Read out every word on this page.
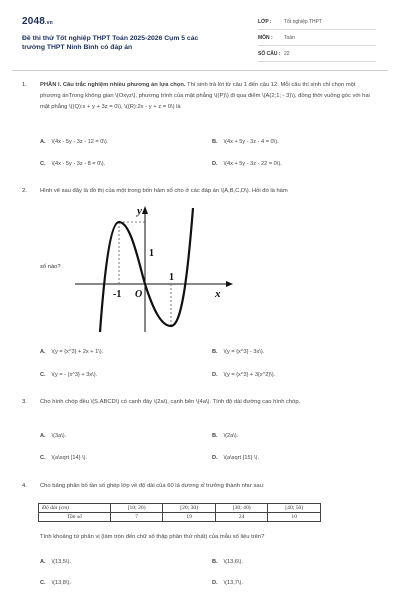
2048.vn
Đề thi thử Tốt nghiệp THPT Toán 2025-2026 Cụm 5 các trường THPT Ninh Bình có đáp án
LỚP :	Tốt nghiệp THPT
MÔN :	Toán
SỐ CÂU : 22
1. PHẦN I. Câu trắc nghiệm nhiều phương án lựa chọn. Thí sinh trả lời từ câu 1 đến câu 12. Mỗi câu thí sinh chỉ chọn một phương ánTrong không gian \(Oxyz\), phương trình của mặt phẳng \((P)\) đi qua điểm \(A(2;1; - 3)\), đồng thời vuông góc với hai mặt phẳng \((Q):x + y + 3z = 0\), \((R):2x - y + z = 0\) là
A. \(4x - 5y - 3z - 12 = 0\).	B. \(4x + 5y - 3z - 4 = 0\).
C. \(4x - 5y - 3z - 8 = 0\).	D. \(4x + 5y - 3z - 22 = 0\).
2. Hình vẽ sau đây là đồ thị của một trong bốn hàm số cho ở các đáp án \(A,B,C,D\). Hỏi đó là hàm
số nào?
y
x
1
1
-1 O
A. \(y = {x^3} + 2x + 1\).	B. \(y = {x^3} - 3x\).
C. \(y = - {x^3} + 3x\).	D. \(y = {x^3} + 3{x^2}\).
3. Cho hình chóp đều \(S.ABCD\) có cạnh đáy \(2a\), cạnh bên \(4a\). Tính độ dài đường cao hình chóp.
A. \(3a\).	B. \(2a\).
C. \(a\sqrt {14} \).	D. \(a\sqrt {15} \).
4. Cho bảng phân bố tần số ghép lớp về độ dài của 60 lá dương xỉ trưởng thành như sau:
Độ dài (cm)	[10; 20)	[20; 30)	[30; 40)	[40; 50)
Tần số	7	19	24	10
Tính khoảng tứ phân vị (làm tròn đến chữ số thập phân thứ nhất) của mẫu số liệu trên?
A. \(13,5\).	B. \(13,6\).
C. \(13,8\).	D. \(13,7\).
